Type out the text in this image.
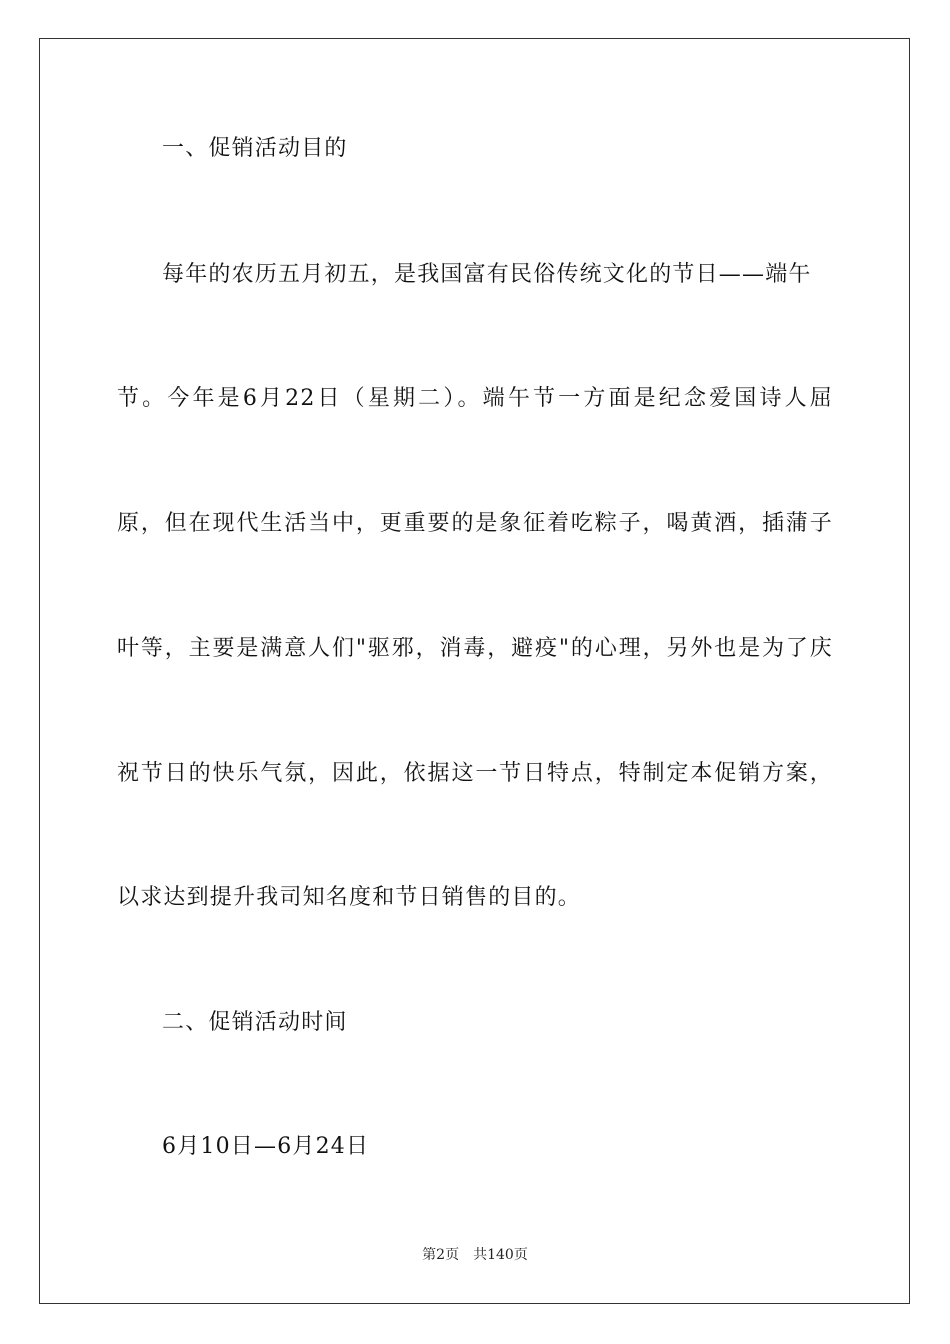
一、促销活动目的
每年的农历五月初五，是我国富有民俗传统文化的节日——端午
节。今年是6月22日（星期二）。端午节一方面是纪念爱国诗人屈
原，但在现代生活当中，更重要的是象征着吃粽子，喝黄酒，插蒲子
叶等，主要是满意人们"驱邪，消毒，避疫"的心理，另外也是为了庆
祝节日的快乐气氛，因此，依据这一节日特点，特制定本促销方案，
以求达到提升我司知名度和节日销售的目的。
二、促销活动时间
6月10日—6月24日
第2页 共140页
